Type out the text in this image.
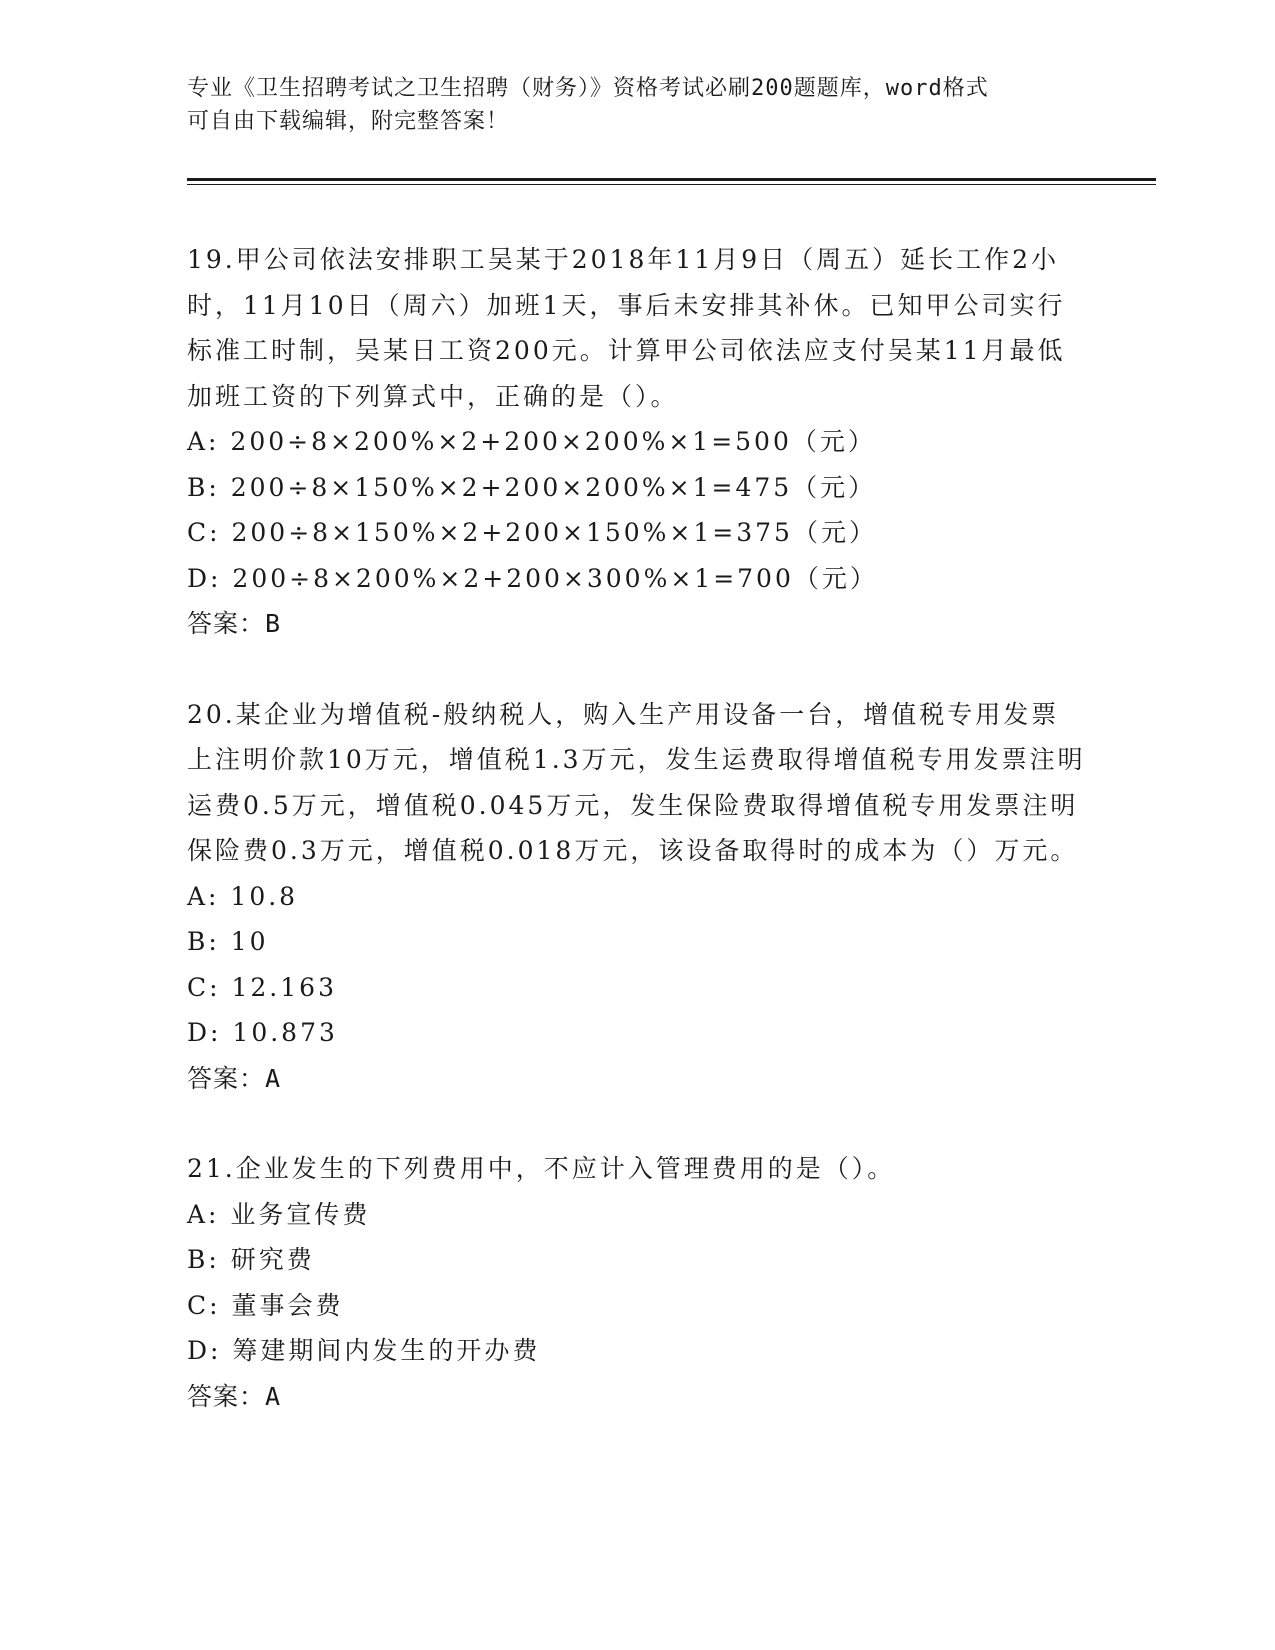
专业《卫生招聘考试之卫生招聘（财务）》资格考试必刷200题题库，word格式
可自由下载编辑，附完整答案！

19.甲公司依法安排职工吴某于2018年11月9日（周五）延长工作2小时，11月10日（周六）加班1天，事后未安排其补休。已知甲公司实行标准工时制，吴某日工资200元。计算甲公司依法应支付吴某11月最低加班工资的下列算式中，正确的是（）。

A: 200÷8×200%×2+200×200%×1=500（元）
B: 200÷8×150%×2+200×200%×1=475（元）
C: 200÷8×150%×2+200×150%×1=375（元）
D: 200÷8×200%×2+200×300%×1=700（元）
答案：B

20.某企业为增值税-般纳税人，购入生产用设备一台，增值税专用发票上注明价款10万元，增值税1.3万元，发生运费取得增值税专用发票注明运费0.5万元，增值税0.045万元，发生保险费取得增值税专用发票注明保险费0.3万元，增值税0.018万元，该设备取得时的成本为（）万元。

A: 10.8
B: 10
C: 12.163
D: 10.873
答案：A

21.企业发生的下列费用中，不应计入管理费用的是（）。

A: 业务宣传费
B: 研究费
C: 董事会费
D: 筹建期间内发生的开办费
答案：A
